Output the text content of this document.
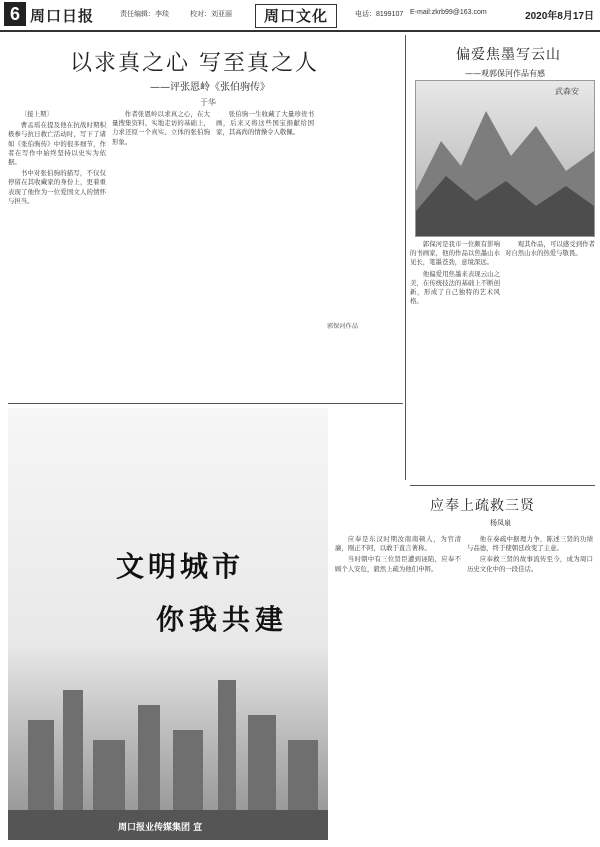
6 周口日报	责任编辑：李琰	校对：刘亚丽	周口文化	电话：8199107 E-mail:zkrb99@163.com	2020年8月17日
以求真之心 写至真之人
——评张恩岭《张伯驹传》
于华

〔接上期〕

曹孟瑶在提及他在抗战时期积极参与抗日救亡活动时，写下了诸如《张伯驹传》中的很多细节，作者在写作中始终坚持以史实为依据。

书中对张伯驹的描写，不仅仅停留在其收藏家的身份上，更着重表现了他作为一位爱国文人的情怀与担当。

作者张恩岭以求真之心，在大量搜集资料、实地走访的基础上，力求还原一个真实、立体的张伯驹形象。

张伯驹一生收藏了大量珍贵书画，后来又将这些国宝捐献给国家，其高尚的情操令人敬佩。

偏爱焦墨写云山
——观郭保河作品有感
武森安
郭保河作品

郭保河是我市一位颇有影响的书画家，他的作品以焦墨山水见长，笔墨苍劲，意境深远。

他偏爱用焦墨来表现云山之美，在传统技法的基础上不断创新，形成了自己独特的艺术风格。

观其作品，可以感受到作者对自然山水的热爱与敬畏。

文明城市
你我共建
周口报业传媒集团 宣
应奉上疏救三贤
杨凤泉

应奉是东汉时期汝南南顿人，为官清廉，刚正不阿，以敢于直言著称。

当时朝中有三位贤臣遭到诬陷，应奉不顾个人安危，毅然上疏为他们申辩。

他在奏疏中据理力争，陈述三贤的功绩与品德，终于使朝廷改变了主意。

应奉救三贤的故事流传至今，成为周口历史文化中的一段佳话。
